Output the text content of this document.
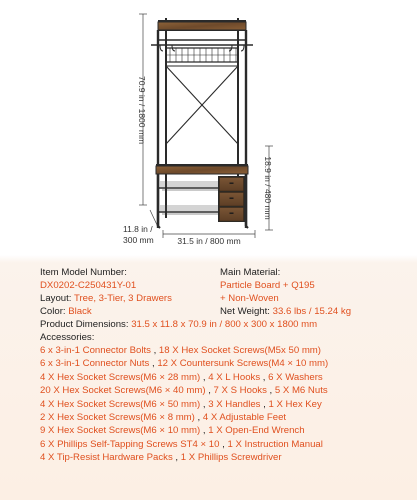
70.9 in / 1800 mm
18.9 in / 480 mm
11.8 in /
300 mm	31.5 in / 800 mm
Item Model Number:	Main Material:
DX0202-C250431Y-01	Particle Board + Q195
Layout: Tree, 3-Tier, 3 Drawers	+ Non-Woven
Color: Black	Net Weight: 33.6 lbs / 15.24 kg
Product Dimensions: 31.5 x 11.8 x 70.9 in / 800 x 300 x 1800 mm
Accessories:
6 x 3-in-1 Connector Bolts , 18 X Hex Socket Screws(M5x 50 mm)
6 x 3-in-1 Connector Nuts , 12 X Countersunk Screws(M4 × 10 mm)
4 X Hex Socket Screws(M6 × 28 mm) , 4 X L Hooks , 6 X Washers
20 X Hex Socket Screws(M6 × 40 mm) , 7 X S Hooks , 5 X M6 Nuts
4 X Hex Socket Screws(M6 × 50 mm) , 3 X Handles , 1 X Hex Key
2 X Hex Socket Screws(M6 × 8 mm) , 4 X Adjustable Feet
9 X Hex Socket Screws(M6 × 10 mm) , 1 X Open-End Wrench
6 X Phillips Self-Tapping Screws ST4 × 10 , 1 X Instruction Manual
4 X Tip-Resist Hardware Packs , 1 X Phillips Screwdriver
